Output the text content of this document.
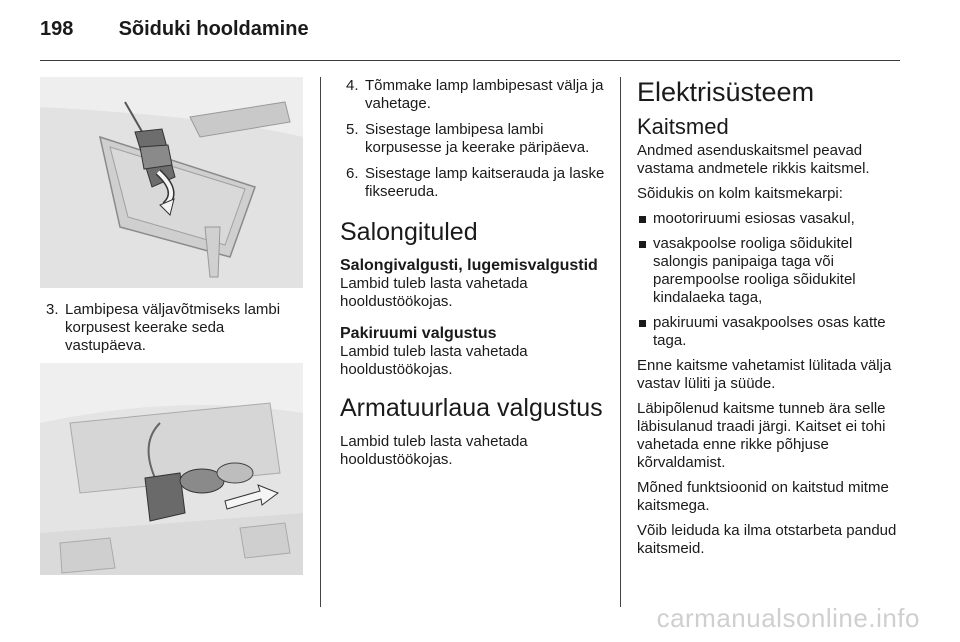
198 Sõiduki hooldamine
3. Lambipesa väljavõtmiseks lambi korpusest keerake seda vastupäeva.
4. Tõmmake lamp lambipesast välja ja vahetage.
5. Sisestage lambipesa lambi korpusesse ja keerake päripäeva.
6. Sisestage lamp kaitserauda ja laske fikseeruda.
Salongituled
Salongivalgusti, lugemisvalgustid

Lambid tuleb lasta vahetada hooldustöökojas.

Pakiruumi valgustus

Lambid tuleb lasta vahetada hooldustöökojas.

Armatuurlaua valgustus

Lambid tuleb lasta vahetada hooldustöökojas.

Elektrisüsteem
Kaitsmed

Andmed asenduskaitsmel peavad vastama andmetele rikkis kaitsmel.

Sõidukis on kolm kaitsmekarpi:

mootoriruumi esiosas vasakul,
vasakpoolse rooliga sõidukitel salongis panipaiga taga või parempoolse rooliga sõidukitel kindalaeka taga,
pakiruumi vasakpoolses osas katte taga.

Enne kaitsme vahetamist lülitada välja vastav lüliti ja süüde.

Läbipõlenud kaitsme tunneb ära selle läbisulanud traadi järgi. Kaitset ei tohi vahetada enne rikke põhjuse kõrvaldamist.

Mõned funktsioonid on kaitstud mitme kaitsmega.

Võib leiduda ka ilma otstarbeta pandud kaitsmeid.

carmanualsonline.info
